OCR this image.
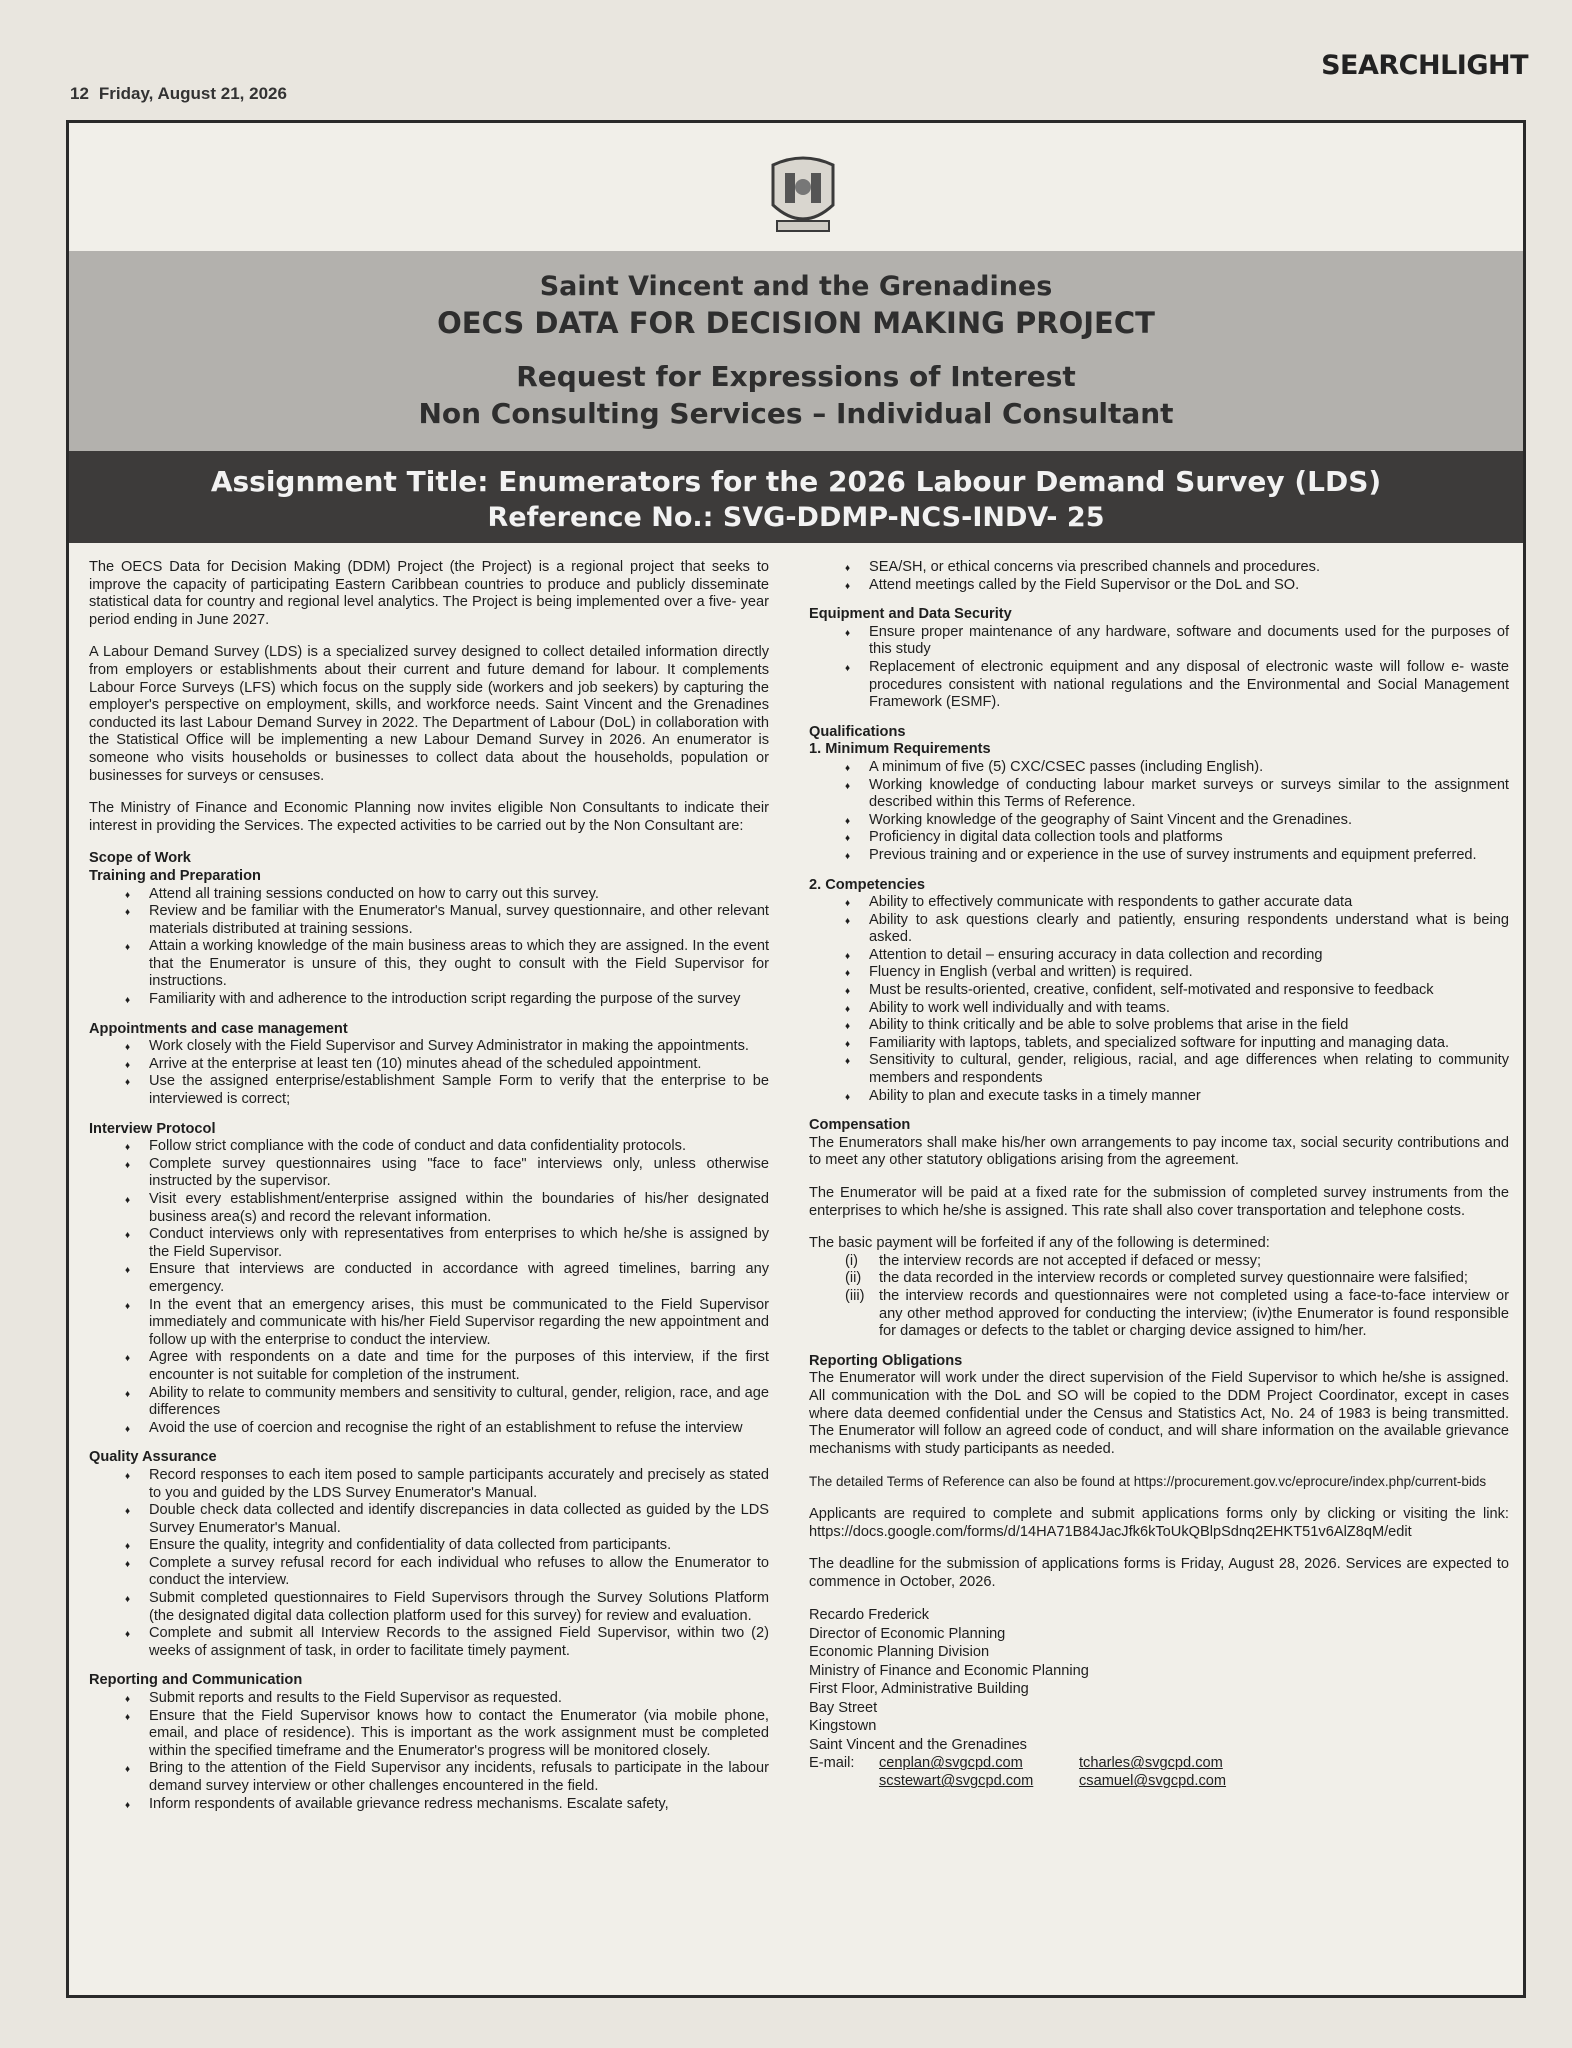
12 Friday, August 21, 2026
SEARCHLIGHT
Saint Vincent and the Grenadines
OECS DATA FOR DECISION MAKING PROJECT
Request for Expressions of Interest
Non Consulting Services – Individual Consultant
Assignment Title: Enumerators for the 2026 Labour Demand Survey (LDS)
Reference No.: SVG-DDMP-NCS-INDV- 25

The OECS Data for Decision Making (DDM) Project (the Project) is a regional project that seeks to improve the capacity of participating Eastern Caribbean countries to produce and publicly disseminate statistical data for country and regional level analytics. The Project is being implemented over a five- year period ending in June 2027.

A Labour Demand Survey (LDS) is a specialized survey designed to collect detailed information directly from employers or establishments about their current and future demand for labour. It complements Labour Force Surveys (LFS) which focus on the supply side (workers and job seekers) by capturing the employer's perspective on employment, skills, and workforce needs. Saint Vincent and the Grenadines conducted its last Labour Demand Survey in 2022. The Department of Labour (DoL) in collaboration with the Statistical Office will be implementing a new Labour Demand Survey in 2026. An enumerator is someone who visits households or businesses to collect data about the households, population or businesses for surveys or censuses.

The Ministry of Finance and Economic Planning now invites eligible Non Consultants to indicate their interest in providing the Services. The expected activities to be carried out by the Non Consultant are:

Scope of Work
Training and Preparation
♦ Attend all training sessions conducted on how to carry out this survey.
♦ Review and be familiar with the Enumerator's Manual, survey questionnaire, and other relevant materials distributed at training sessions.
♦ Attain a working knowledge of the main business areas to which they are assigned. In the event that the Enumerator is unsure of this, they ought to consult with the Field Supervisor for instructions.
♦ Familiarity with and adherence to the introduction script regarding the purpose of the survey
Appointments and case management
♦ Work closely with the Field Supervisor and Survey Administrator in making the appointments.
♦ Arrive at the enterprise at least ten (10) minutes ahead of the scheduled appointment.
♦ Use the assigned enterprise/establishment Sample Form to verify that the enterprise to be interviewed is correct;
Interview Protocol
♦ Follow strict compliance with the code of conduct and data confidentiality protocols.
♦ Complete survey questionnaires using "face to face" interviews only, unless otherwise instructed by the supervisor.
♦ Visit every establishment/enterprise assigned within the boundaries of his/her designated business area(s) and record the relevant information.
♦ Conduct interviews only with representatives from enterprises to which he/she is assigned by the Field Supervisor.
♦ Ensure that interviews are conducted in accordance with agreed timelines, barring any emergency.
♦ In the event that an emergency arises, this must be communicated to the Field Supervisor immediately and communicate with his/her Field Supervisor regarding the new appointment and follow up with the enterprise to conduct the interview.
♦ Agree with respondents on a date and time for the purposes of this interview, if the first encounter is not suitable for completion of the instrument.
♦ Ability to relate to community members and sensitivity to cultural, gender, religion, race, and age differences
♦ Avoid the use of coercion and recognise the right of an establishment to refuse the interview
Quality Assurance
♦ Record responses to each item posed to sample participants accurately and precisely as stated to you and guided by the LDS Survey Enumerator's Manual.
♦ Double check data collected and identify discrepancies in data collected as guided by the LDS Survey Enumerator's Manual.
♦ Ensure the quality, integrity and confidentiality of data collected from participants.
♦ Complete a survey refusal record for each individual who refuses to allow the Enumerator to conduct the interview.
♦ Submit completed questionnaires to Field Supervisors through the Survey Solutions Platform (the designated digital data collection platform used for this survey) for review and evaluation.
♦ Complete and submit all Interview Records to the assigned Field Supervisor, within two (2) weeks of assignment of task, in order to facilitate timely payment.
Reporting and Communication
♦ Submit reports and results to the Field Supervisor as requested.
♦ Ensure that the Field Supervisor knows how to contact the Enumerator (via mobile phone, email, and place of residence). This is important as the work assignment must be completed within the specified timeframe and the Enumerator's progress will be monitored closely.
♦ Bring to the attention of the Field Supervisor any incidents, refusals to participate in the labour demand survey interview or other challenges encountered in the field.
♦ Inform respondents of available grievance redress mechanisms. Escalate safety,
♦ SEA/SH, or ethical concerns via prescribed channels and procedures.
♦ Attend meetings called by the Field Supervisor or the DoL and SO.
Equipment and Data Security
♦ Ensure proper maintenance of any hardware, software and documents used for the purposes of this study
♦ Replacement of electronic equipment and any disposal of electronic waste will follow e- waste procedures consistent with national regulations and the Environmental and Social Management Framework (ESMF).
Qualifications
1. Minimum Requirements
♦ A minimum of five (5) CXC/CSEC passes (including English).
♦ Working knowledge of conducting labour market surveys or surveys similar to the assignment described within this Terms of Reference.
♦ Working knowledge of the geography of Saint Vincent and the Grenadines.
♦ Proficiency in digital data collection tools and platforms
♦ Previous training and or experience in the use of survey instruments and equipment preferred.
2. Competencies
♦ Ability to effectively communicate with respondents to gather accurate data
♦ Ability to ask questions clearly and patiently, ensuring respondents understand what is being asked.
♦ Attention to detail – ensuring accuracy in data collection and recording
♦ Fluency in English (verbal and written) is required.
♦ Must be results-oriented, creative, confident, self-motivated and responsive to feedback
♦ Ability to work well individually and with teams.
♦ Ability to think critically and be able to solve problems that arise in the field
♦ Familiarity with laptops, tablets, and specialized software for inputting and managing data.
♦ Sensitivity to cultural, gender, religious, racial, and age differences when relating to community members and respondents
♦ Ability to plan and execute tasks in a timely manner
Compensation

The Enumerators shall make his/her own arrangements to pay income tax, social security contributions and to meet any other statutory obligations arising from the agreement.

The Enumerator will be paid at a fixed rate for the submission of completed survey instruments from the enterprises to which he/she is assigned. This rate shall also cover transportation and telephone costs.

The basic payment will be forfeited if any of the following is determined:

(i) the interview records are not accepted if defaced or messy;
(ii) the data recorded in the interview records or completed survey questionnaire were falsified;
(iii) the interview records and questionnaires were not completed using a face-to-face interview or any other method approved for conducting the interview; (iv)the Enumerator is found responsible for damages or defects to the tablet or charging device assigned to him/her.
Reporting Obligations

The Enumerator will work under the direct supervision of the Field Supervisor to which he/she is assigned. All communication with the DoL and SO will be copied to the DDM Project Coordinator, except in cases where data deemed confidential under the Census and Statistics Act, No. 24 of 1983 is being transmitted. The Enumerator will follow an agreed code of conduct, and will share information on the available grievance mechanisms with study participants as needed.

The detailed Terms of Reference can also be found at https://procurement.gov.vc/eprocure/index.php/current-bids

Applicants are required to complete and submit applications forms only by clicking or visiting the link: https://docs.google.com/forms/d/14HA71B84JacJfk6kToUkQBlpSdnq2EHKT51v6AlZ8qM/edit

The deadline for the submission of applications forms is Friday, August 28, 2026. Services are expected to commence in October, 2026.

Recardo Frederick
Director of Economic Planning
Economic Planning Division
Ministry of Finance and Economic Planning
First Floor, Administrative Building
Bay Street
Kingstown
Saint Vincent and the Grenadines
E-mail:	cenplan@svgcpd.com	tcharles@svgcpd.com
scstewart@svgcpd.com	csamuel@svgcpd.com
